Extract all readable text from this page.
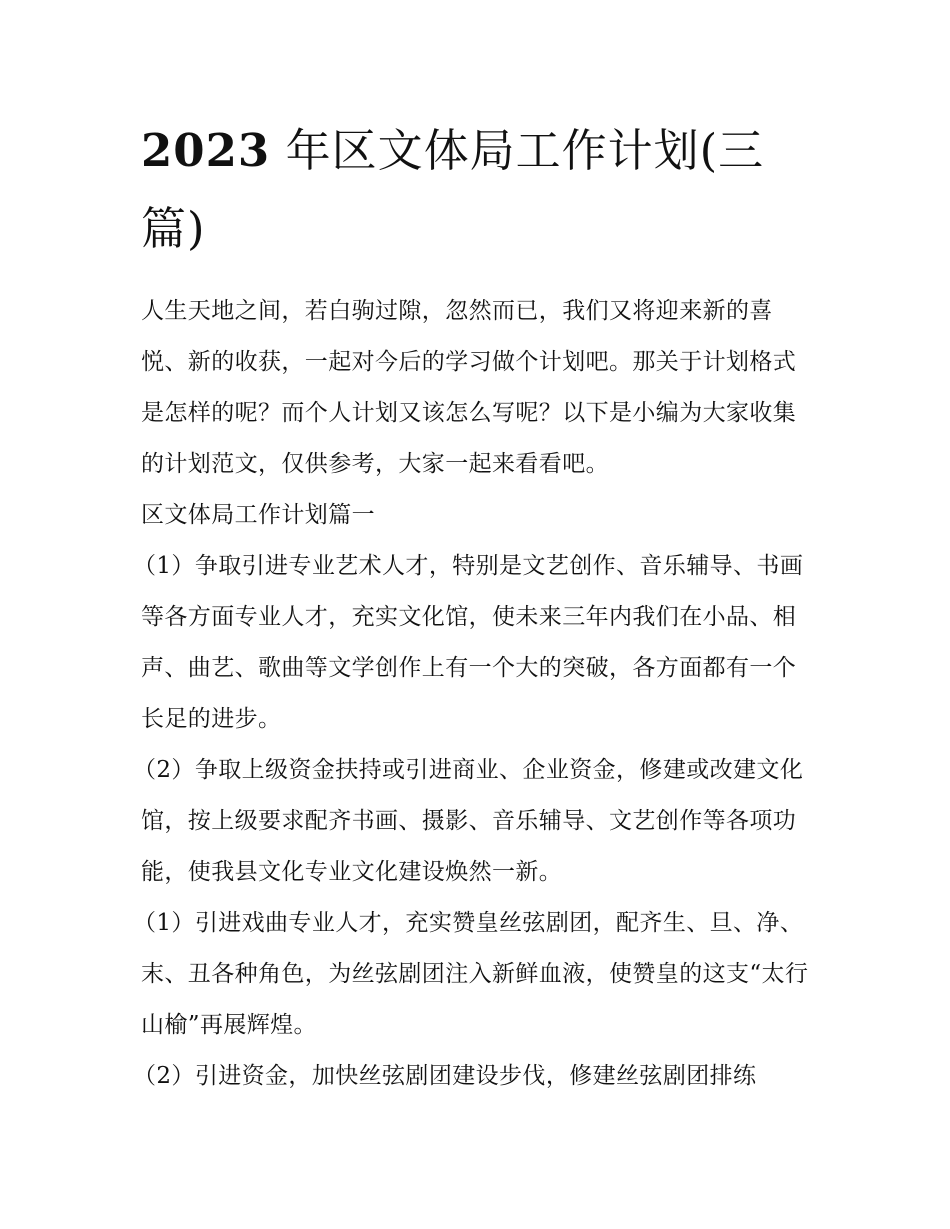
2023 年区文体局工作计划(三篇)

人生天地之间，若白驹过隙，忽然而已，我们又将迎来新的喜悦、新的收获，一起对今后的学习做个计划吧。那关于计划格式是怎样的呢？而个人计划又该怎么写呢？以下是小编为大家收集的计划范文，仅供参考，大家一起来看看吧。

区文体局工作计划篇一

（1）争取引进专业艺术人才，特别是文艺创作、音乐辅导、书画等各方面专业人才，充实文化馆，使未来三年内我们在小品、相声、曲艺、歌曲等文学创作上有一个大的突破，各方面都有一个长足的进步。

（2）争取上级资金扶持或引进商业、企业资金，修建或改建文化馆，按上级要求配齐书画、摄影、音乐辅导、文艺创作等各项功能，使我县文化专业文化建设焕然一新。

（1）引进戏曲专业人才，充实赞皇丝弦剧团，配齐生、旦、净、末、丑各种角色，为丝弦剧团注入新鲜血液，使赞皇的这支“太行山榆”再展辉煌。

（2）引进资金，加快丝弦剧团建设步伐，修建丝弦剧团排练
